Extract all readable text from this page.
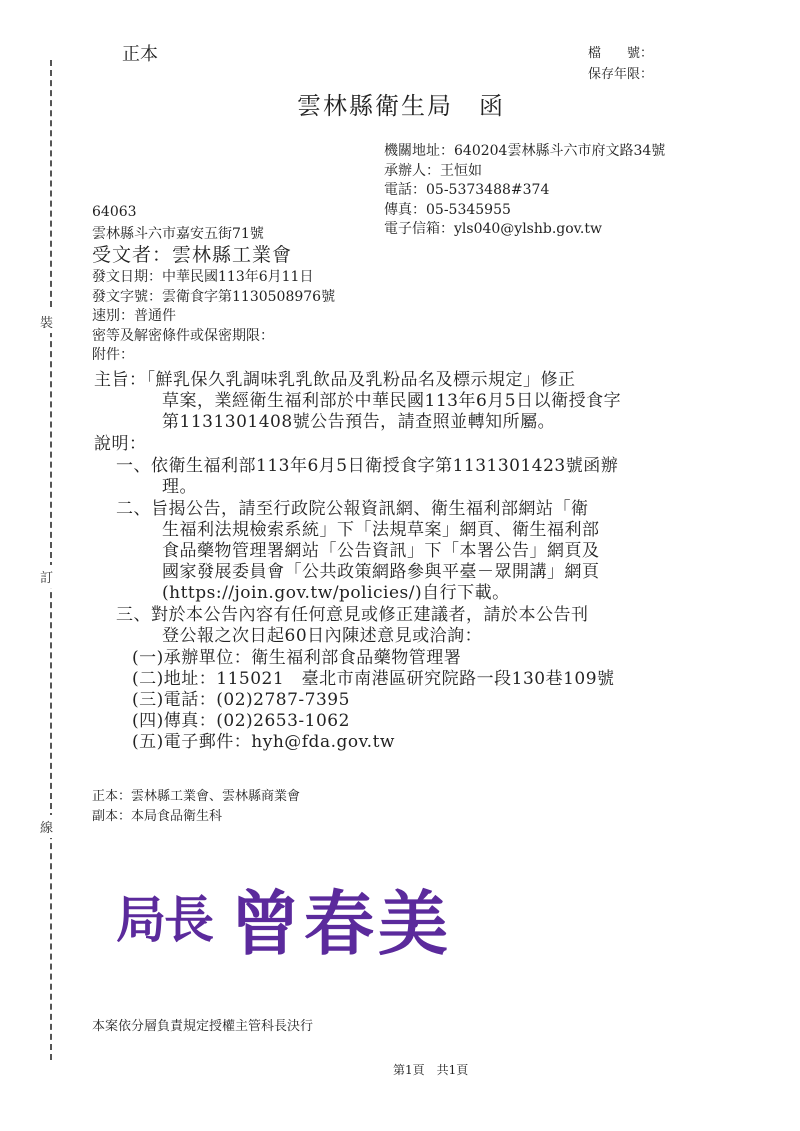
裝
訂
線
正本	檔　　號：
保存年限：
雲林縣衛生局　函
機關地址：640204雲林縣斗六市府文路34號
承辦人：王恒如
電話：05-5373488#374
傳真：05-5345955
電子信箱：yls040@ylshb.gov.tw
64063
雲林縣斗六市嘉安五街71號
受文者：雲林縣工業會
發文日期：中華民國113年6月11日
發文字號：雲衛食字第1130508976號
速別：普通件
密等及解密條件或保密期限：
附件：
主旨：「鮮乳保久乳調味乳乳飲品及乳粉品名及標示規定」修正
草案，業經衛生福利部於中華民國113年6月5日以衛授食字
第1131301408號公告預告，請查照並轉知所屬。
說明：
一、依衛生福利部113年6月5日衛授食字第1131301423號函辦
理。
二、旨揭公告，請至行政院公報資訊網、衛生福利部網站「衛
生福利法規檢索系統」下「法規草案」網頁、衛生福利部
食品藥物管理署網站「公告資訊」下「本署公告」網頁及
國家發展委員會「公共政策網路參與平臺－眾開講」網頁
(https://join.gov.tw/policies/)自行下載。
三、對於本公告內容有任何意見或修正建議者，請於本公告刊
登公報之次日起60日內陳述意見或洽詢：
(一)承辦單位：衛生福利部食品藥物管理署
(二)地址：115021　臺北市南港區研究院路一段130巷109號
(三)電話：(02)2787-7395
(四)傳真：(02)2653-1062
(五)電子郵件：hyh@fda.gov.tw
正本：雲林縣工業會、雲林縣商業會
副本：本局食品衛生科
局長 曾春美
本案依分層負責規定授權主管科長決行
第1頁　共1頁
